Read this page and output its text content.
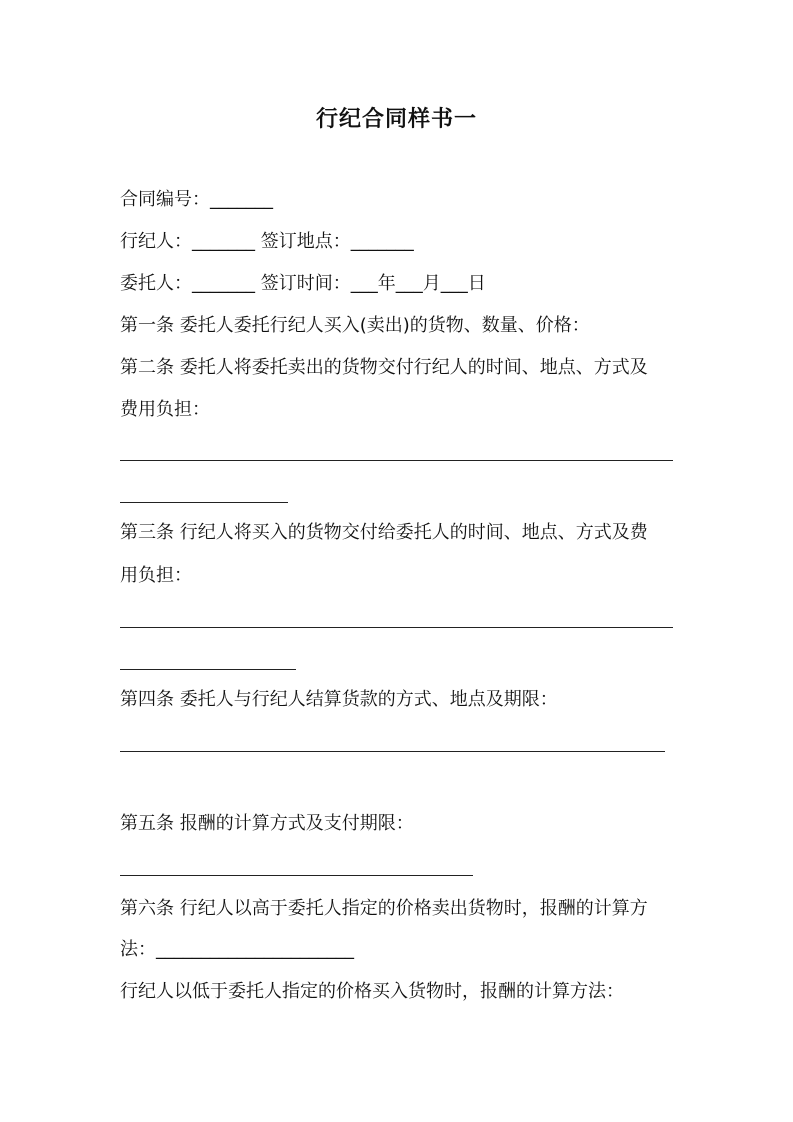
行纪合同样书一
合同编号：_______
行纪人：_______ 签订地点：_______
委托人：_______ 签订时间：___年___月___日
第一条 委托人委托行纪人买入(卖出)的货物、数量、价格：
第二条 委托人将委托卖出的货物交付行纪人的时间、地点、方式及
费用负担：
第三条 行纪人将买入的货物交付给委托人的时间、地点、方式及费
用负担：
第四条 委托人与行纪人结算货款的方式、地点及期限：
第五条 报酬的计算方式及支付期限：
第六条 行纪人以高于委托人指定的价格卖出货物时，报酬的计算方
法：______________________
行纪人以低于委托人指定的价格买入货物时，报酬的计算方法：
